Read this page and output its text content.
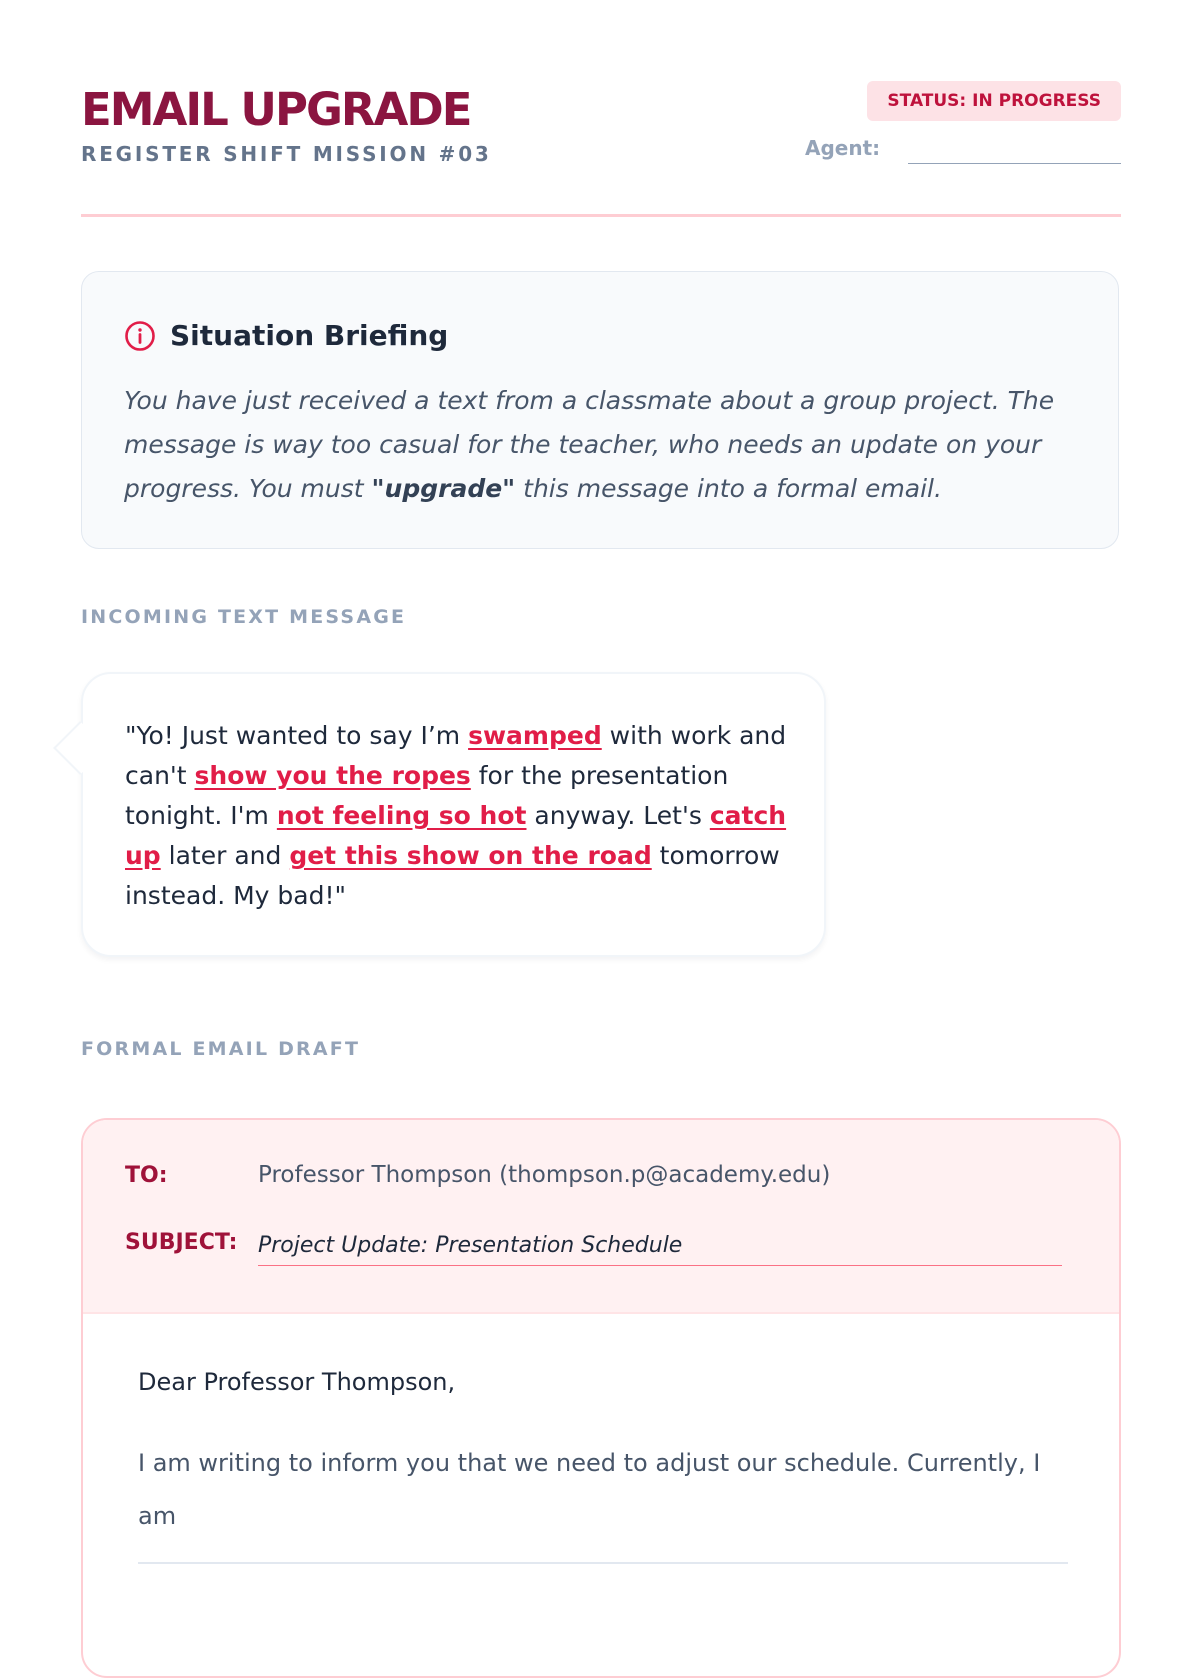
EMAIL UPGRADE
REGISTER SHIFT MISSION #03
STATUS: IN PROGRESS
Agent:
Situation Briefing

You have just received a text from a classmate about a group project. The message is way too casual for the teacher, who needs an update on your progress. You must "upgrade" this message into a formal email.

INCOMING TEXT MESSAGE

"Yo! Just wanted to say I’m swamped with work and can't show you the ropes for the presentation tonight. I'm not feeling so hot anyway. Let's catch up later and get this show on the road tomorrow instead. My bad!"

FORMAL EMAIL DRAFT
TO:	Professor Thompson (thompson.p@academy.edu)
SUBJECT:
Project Update: Presentation Schedule
Dear Professor Thompson,

I am writing to inform you that we need to adjust our schedule. Currently, I am
